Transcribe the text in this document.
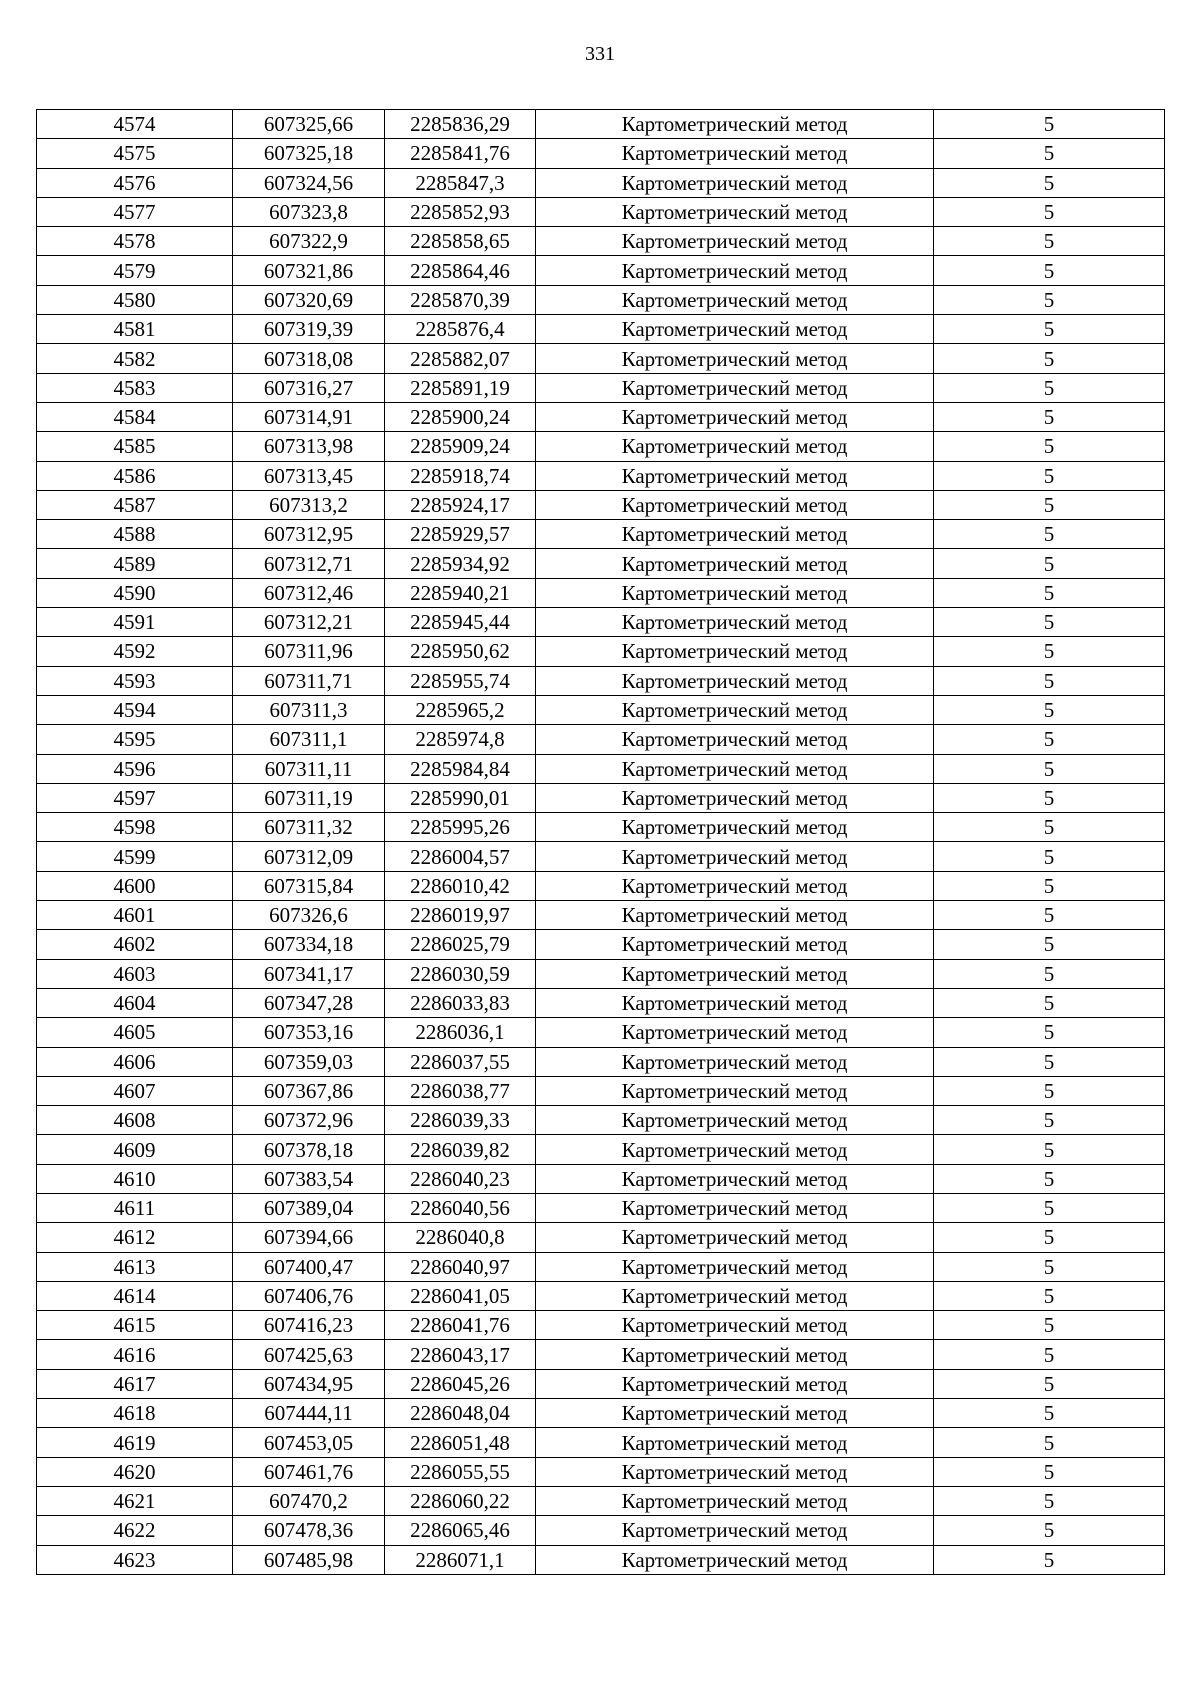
331
4574	607325,66	2285836,29	Картометрический метод	5
4575	607325,18	2285841,76	Картометрический метод	5
4576	607324,56	2285847,3	Картометрический метод	5
4577	607323,8	2285852,93	Картометрический метод	5
4578	607322,9	2285858,65	Картометрический метод	5
4579	607321,86	2285864,46	Картометрический метод	5
4580	607320,69	2285870,39	Картометрический метод	5
4581	607319,39	2285876,4	Картометрический метод	5
4582	607318,08	2285882,07	Картометрический метод	5
4583	607316,27	2285891,19	Картометрический метод	5
4584	607314,91	2285900,24	Картометрический метод	5
4585	607313,98	2285909,24	Картометрический метод	5
4586	607313,45	2285918,74	Картометрический метод	5
4587	607313,2	2285924,17	Картометрический метод	5
4588	607312,95	2285929,57	Картометрический метод	5
4589	607312,71	2285934,92	Картометрический метод	5
4590	607312,46	2285940,21	Картометрический метод	5
4591	607312,21	2285945,44	Картометрический метод	5
4592	607311,96	2285950,62	Картометрический метод	5
4593	607311,71	2285955,74	Картометрический метод	5
4594	607311,3	2285965,2	Картометрический метод	5
4595	607311,1	2285974,8	Картометрический метод	5
4596	607311,11	2285984,84	Картометрический метод	5
4597	607311,19	2285990,01	Картометрический метод	5
4598	607311,32	2285995,26	Картометрический метод	5
4599	607312,09	2286004,57	Картометрический метод	5
4600	607315,84	2286010,42	Картометрический метод	5
4601	607326,6	2286019,97	Картометрический метод	5
4602	607334,18	2286025,79	Картометрический метод	5
4603	607341,17	2286030,59	Картометрический метод	5
4604	607347,28	2286033,83	Картометрический метод	5
4605	607353,16	2286036,1	Картометрический метод	5
4606	607359,03	2286037,55	Картометрический метод	5
4607	607367,86	2286038,77	Картометрический метод	5
4608	607372,96	2286039,33	Картометрический метод	5
4609	607378,18	2286039,82	Картометрический метод	5
4610	607383,54	2286040,23	Картометрический метод	5
4611	607389,04	2286040,56	Картометрический метод	5
4612	607394,66	2286040,8	Картометрический метод	5
4613	607400,47	2286040,97	Картометрический метод	5
4614	607406,76	2286041,05	Картометрический метод	5
4615	607416,23	2286041,76	Картометрический метод	5
4616	607425,63	2286043,17	Картометрический метод	5
4617	607434,95	2286045,26	Картометрический метод	5
4618	607444,11	2286048,04	Картометрический метод	5
4619	607453,05	2286051,48	Картометрический метод	5
4620	607461,76	2286055,55	Картометрический метод	5
4621	607470,2	2286060,22	Картометрический метод	5
4622	607478,36	2286065,46	Картометрический метод	5
4623	607485,98	2286071,1	Картометрический метод	5
